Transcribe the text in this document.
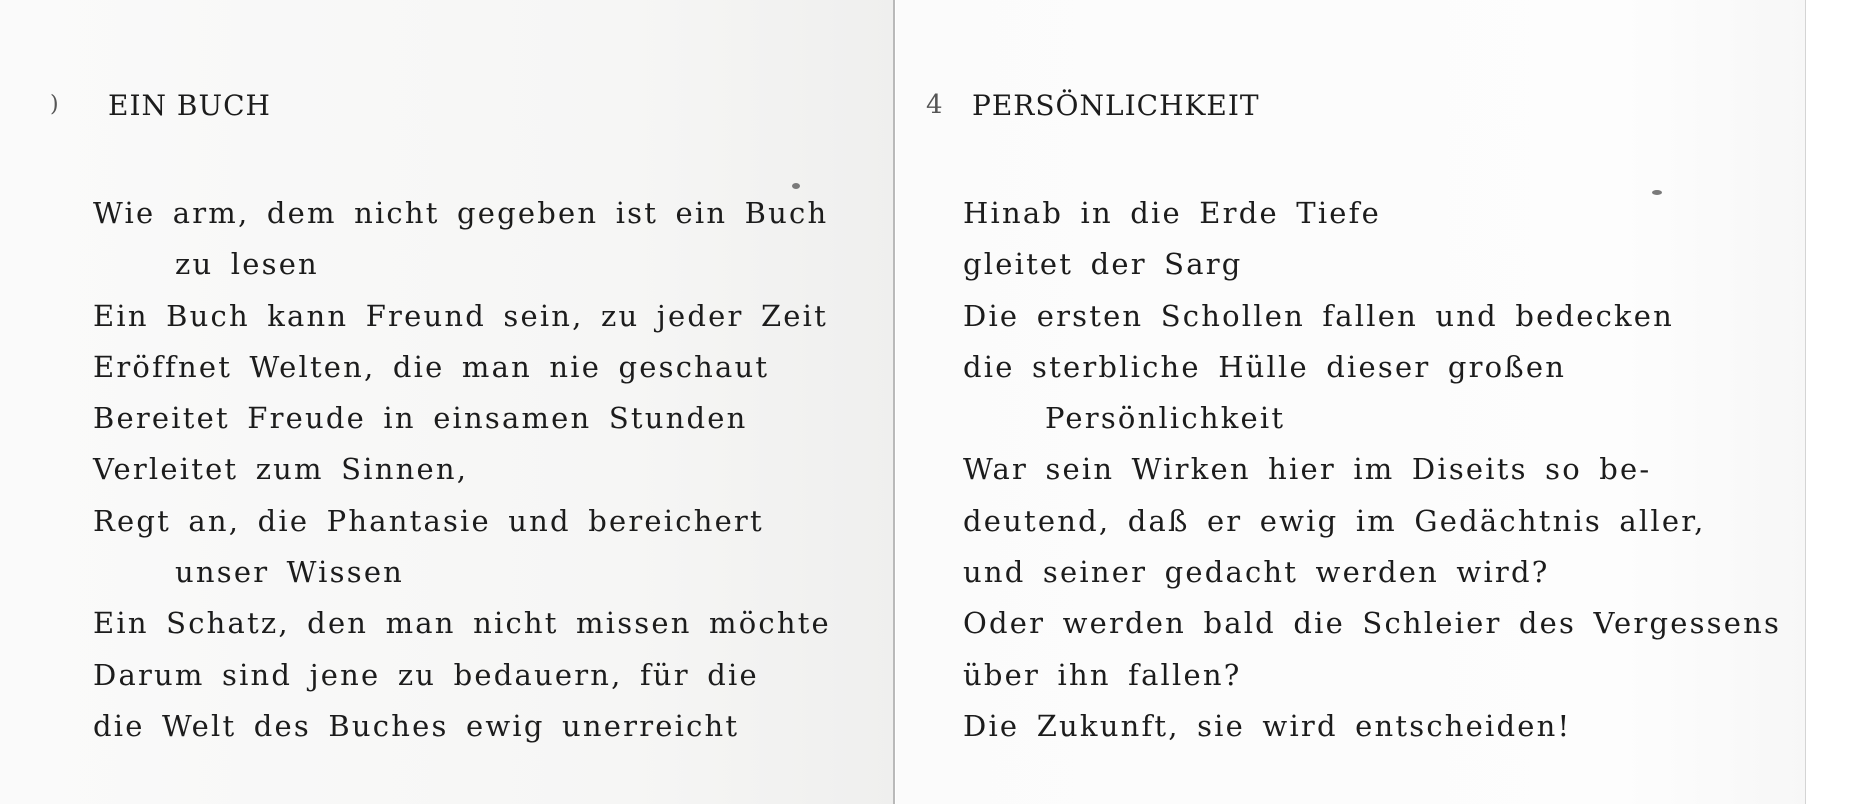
) EIN BUCH
Wie arm, dem nicht gegeben ist ein Buch
zu lesen
Ein Buch kann Freund sein, zu jeder Zeit
Eröffnet Welten, die man nie geschaut
Bereitet Freude in einsamen Stunden
Verleitet zum Sinnen,
Regt an, die Phantasie und bereichert
unser Wissen
Ein Schatz, den man nicht missen möchte
Darum sind jene zu bedauern, für die
die Welt des Buches ewig unerreicht
4 PERSÖNLICHKEIT
Hinab in die Erde Tiefe
gleitet der Sarg
Die ersten Schollen fallen und bedecken
die sterbliche Hülle dieser großen
Persönlichkeit
War sein Wirken hier im Diseits so be-
deutend, daß er ewig im Gedächtnis aller,
und seiner gedacht werden wird?
Oder werden bald die Schleier des Vergessens
über ihn fallen?
Die Zukunft, sie wird entscheiden!
